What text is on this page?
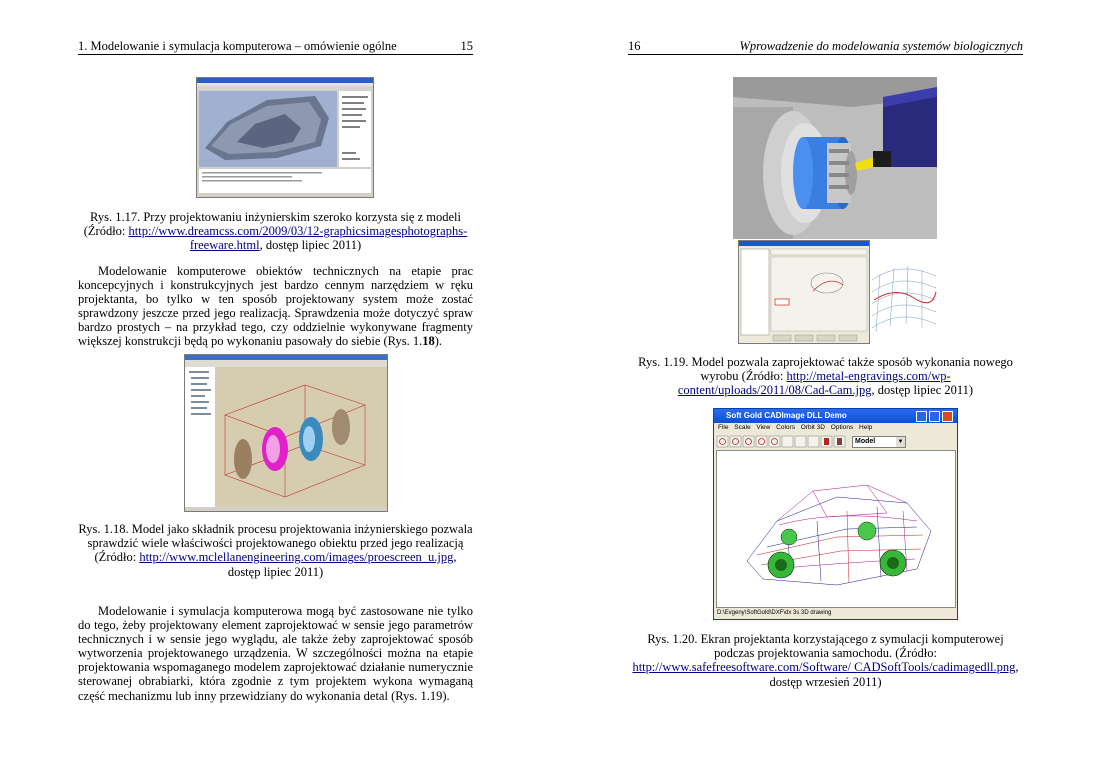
1. Modelowanie i symulacja komputerowa – omówienie ogólne	15
Rys. 1.17. Przy projektowaniu inżynierskim szeroko korzysta się z modeli (Źródło: http://www.dreamcss.com/2009/03/12-graphicsimagesphotographs-freeware.html, dostęp lipiec 2011)

Modelowanie komputerowe obiektów technicznych na etapie prac koncepcyjnych i konstrukcyjnych jest bardzo cennym narzędziem w ręku projektanta, bo tylko w ten sposób projektowany system może zostać sprawdzony jeszcze przed jego realizacją. Sprawdzenia może dotyczyć spraw bardzo prostych – na przykład tego, czy oddzielnie wykonywane fragmenty większej konstrukcji będą po wykonaniu pasowały do siebie (Rys. 1.18).

Rys. 1.18. Model jako składnik procesu projektowania inżynierskiego pozwala sprawdzić wiele właściwości projektowanego obiektu przed jego realizacją (Źródło: http://www.mclellanengineering.com/images/proescreen_u.jpg, dostęp lipiec 2011)

Modelowanie i symulacja komputerowa mogą być zastosowane nie tylko do tego, żeby projektowany element zaprojektować w sensie jego parametrów technicznych i w sensie jego wyglądu, ale także żeby zaprojektować sposób wytworzenia projektowanego urządzenia. W szczególności można na etapie projektowania wspomaganego modelem zaprojektować działanie numerycznie sterowanej obrabiarki, która zgodnie z tym projektem wykona wymaganą część mechanizmu lub inny przewidziany do wykonania detal (Rys. 1.19).

16	Wprowadzenie do modelowania systemów biologicznych
Rys. 1.19. Model pozwala zaprojektować także sposób wykonania nowego wyrobu (Źródło: http://metal-engravings.com/wp-content/uploads/2011/08/Cad-Cam.jpg, dostęp lipiec 2011)
Soft Gold CADImage DLL Demo
File Scale View Colors Orbit 3D Options Help
Model	▼
D:\Evgeny\SoftGold\DXF\dx 3s 3D drawing
Rys. 1.20. Ekran projektanta korzystającego z symulacji komputerowej podczas projektowania samochodu. (Źródło: http://www.safefreesoftware.com/Software/ CADSoftTools/cadimagedll.png, dostęp wrzesień 2011)
